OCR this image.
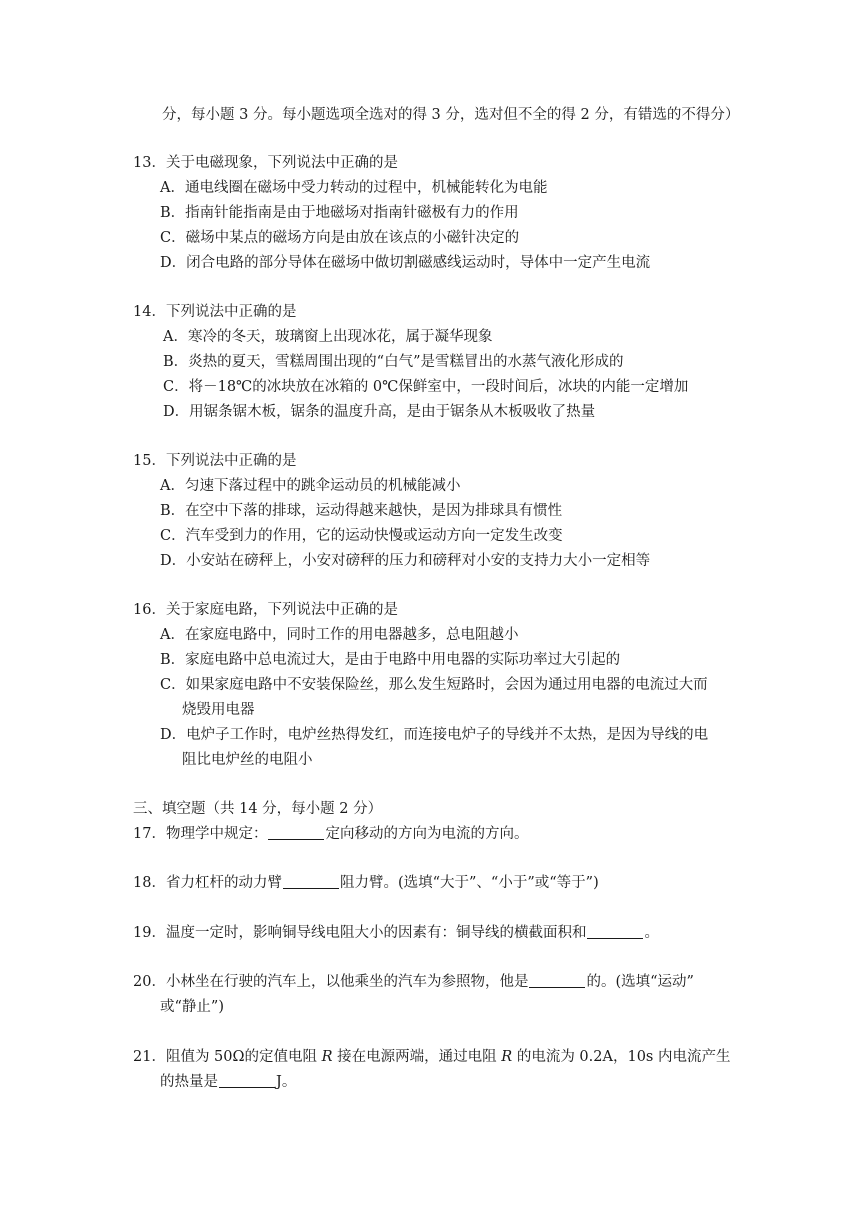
分，每小题 3 分。每小题选项全选对的得 3 分，选对但不全的得 2 分，有错选的不得分）
13．关于电磁现象，下列说法中正确的是
A．通电线圈在磁场中受力转动的过程中，机械能转化为电能
B．指南针能指南是由于地磁场对指南针磁极有力的作用
C．磁场中某点的磁场方向是由放在该点的小磁针决定的
D．闭合电路的部分导体在磁场中做切割磁感线运动时，导体中一定产生电流
14．下列说法中正确的是
A．寒冷的冬天，玻璃窗上出现冰花，属于凝华现象
B．炎热的夏天，雪糕周围出现的“白气”是雪糕冒出的水蒸气液化形成的
C．将－18℃的冰块放在冰箱的 0℃保鲜室中，一段时间后，冰块的内能一定增加
D．用锯条锯木板，锯条的温度升高，是由于锯条从木板吸收了热量
15．下列说法中正确的是
A．匀速下落过程中的跳伞运动员的机械能减小
B．在空中下落的排球，运动得越来越快，是因为排球具有惯性
C．汽车受到力的作用，它的运动快慢或运动方向一定发生改变
D．小安站在磅秤上，小安对磅秤的压力和磅秤对小安的支持力大小一定相等
16．关于家庭电路，下列说法中正确的是
A．在家庭电路中，同时工作的用电器越多，总电阻越小
B．家庭电路中总电流过大，是由于电路中用电器的实际功率过大引起的
C．如果家庭电路中不安装保险丝，那么发生短路时，会因为通过用电器的电流过大而
烧毁用电器
D．电炉子工作时，电炉丝热得发红，而连接电炉子的导线并不太热，是因为导线的电
阻比电炉丝的电阻小
三、填空题（共 14 分，每小题 2 分）
17．物理学中规定：	定向移动的方向为电流的方向。
18．省力杠杆的动力臂	阻力臂。(选填“大于”、“小于”或“等于”)
19．温度一定时，影响铜导线电阻大小的因素有：铜导线的横截面积和	。
20．小林坐在行驶的汽车上，以他乘坐的汽车为参照物，他是	的。(选填“运动”
或“静止”)
21．阻值为 50Ω的定值电阻 R 接在电源两端，通过电阻 R 的电流为 0.2A，10s 内电流产生
的热量是	J。
